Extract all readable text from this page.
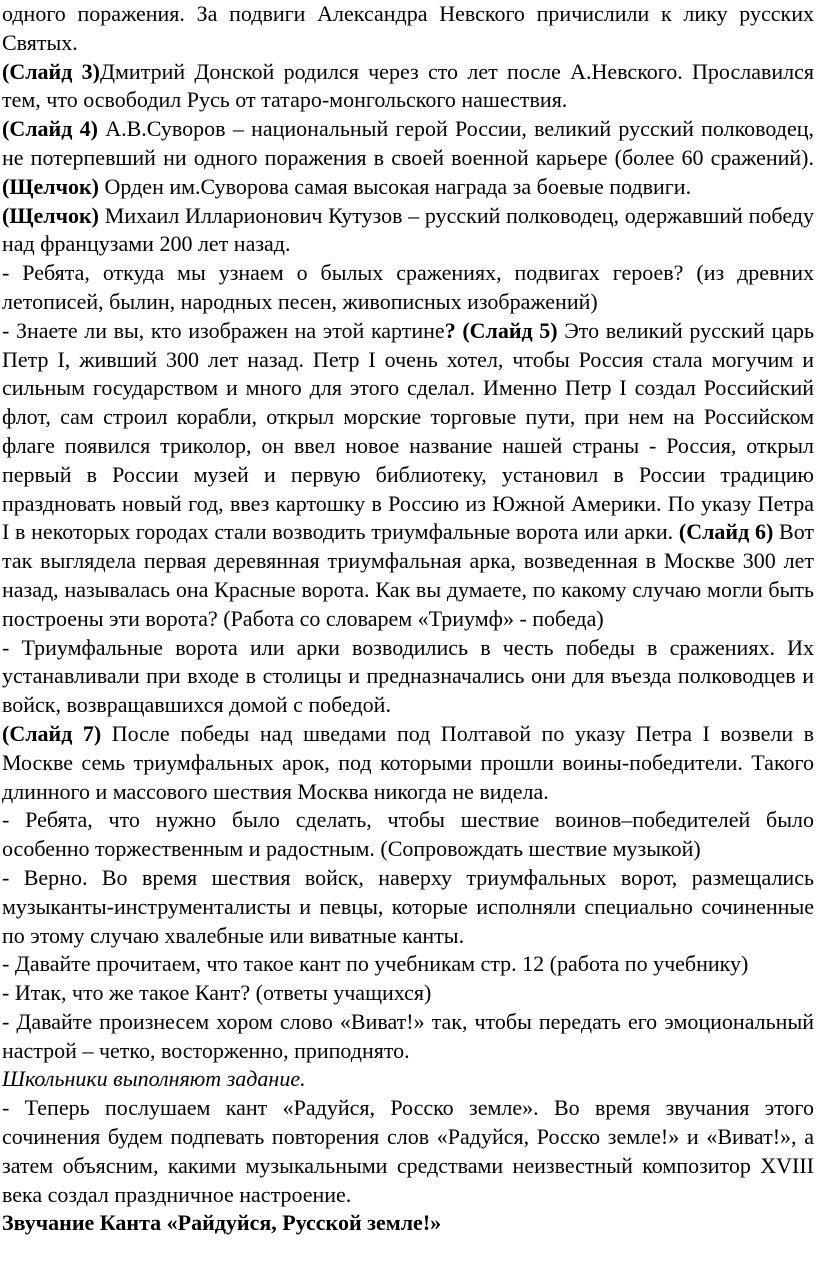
одного поражения. За подвиги Александра Невского причислили к лику русских Святых.

(Слайд 3)Дмитрий Донской родился через сто лет после А.Невского. Прославился тем, что освободил Русь от татаро-монгольского нашествия.

(Слайд 4) А.В.Суворов – национальный герой России, великий русский полководец, не потерпевший ни одного поражения в своей военной карьере (более 60 сражений). (Щелчок) Орден им.Суворова самая высокая награда за боевые подвиги.

(Щелчок) Михаил Илларионович Кутузов – русский полководец, одержавший победу над французами 200 лет назад.

- Ребята, откуда мы узнаем о былых сражениях, подвигах героев? (из древних летописей, былин, народных песен, живописных изображений)

- Знаете ли вы, кто изображен на этой картине? (Слайд 5) Это великий русский царь Петр I, живший 300 лет назад. Петр I очень хотел, чтобы Россия стала могучим и сильным государством и много для этого сделал. Именно Петр I создал Российский флот, сам строил корабли, открыл морские торговые пути, при нем на Российском флаге появился триколор, он ввел новое название нашей страны - Россия, открыл первый в России музей и первую библиотеку, установил в России традицию праздновать новый год, ввез картошку в Россию из Южной Америки. По указу Петра I в некоторых городах стали возводить триумфальные ворота или арки. (Слайд 6) Вот так выглядела первая деревянная триумфальная арка, возведенная в Москве 300 лет назад, называлась она Красные ворота. Как вы думаете, по какому случаю могли быть построены эти ворота? (Работа со словарем «Триумф» - победа)

- Триумфальные ворота или арки возводились в честь победы в сражениях. Их устанавливали при входе в столицы и предназначались они для въезда полководцев и войск, возвращавшихся домой с победой.

(Слайд 7) После победы над шведами под Полтавой по указу Петра I возвели в Москве семь триумфальных арок, под которыми прошли воины-победители. Такого длинного и массового шествия Москва никогда не видела.

- Ребята, что нужно было сделать, чтобы шествие воинов–победителей было особенно торжественным и радостным. (Сопровождать шествие музыкой)

- Верно. Во время шествия войск, наверху триумфальных ворот, размещались музыканты-инструменталисты и певцы, которые исполняли специально сочиненные по этому случаю хвалебные или виватные канты.

- Давайте прочитаем, что такое кант по учебникам стр. 12 (работа по учебнику)

- Итак, что же такое Кант? (ответы учащихся)

- Давайте произнесем хором слово «Виват!» так, чтобы передать его эмоциональный настрой – четко, восторженно, приподнято.

Школьники выполняют задание.

- Теперь послушаем кант «Радуйся, Росско земле». Во время звучания этого сочинения будем подпевать повторения слов «Радуйся, Росско земле!» и «Виват!», а затем объясним, какими музыкальными средствами неизвестный композитор XVIII века создал праздничное настроение.

Звучание Канта «Райдуйся, Русской земле!»
